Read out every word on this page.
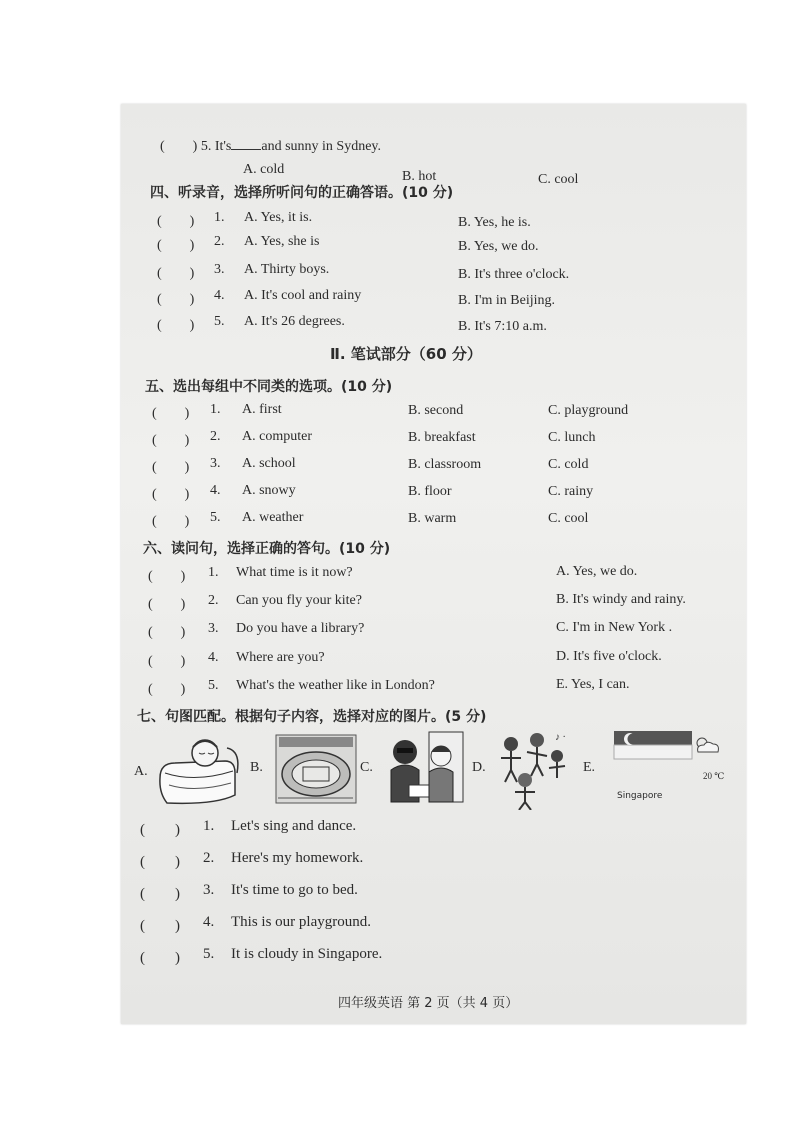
(　　) 5. It's and sunny in Sydney.
A. cold	B. hot	C. cool
四、听录音，选择所听问句的正确答语。(10 分)
(　　) 1. A. Yes, it is.	B. Yes, he is.
(　　) 2. A. Yes, she is	B. Yes, we do.
(　　) 3. A. Thirty boys.	B. It's three o'clock.
(　　) 4. A. It's cool and rainy	B. I'm in Beijing.
(　　) 5. A. It's 26 degrees.	B. It's 7:10 a.m.
Ⅱ. 笔试部分（60 分）
五、选出每组中不同类的选项。(10 分)
(　　) 1. A. first	B. second	C. playground
(　　) 2. A. computer	B. breakfast	C. lunch
(　　) 3. A. school	B. classroom	C. cold
(　　) 4. A. snowy	B. floor	C. rainy
(　　) 5. A. weather	B. warm	C. cool
六、读问句，选择正确的答句。(10 分)
(　　) 1. What time is it now?	A. Yes, we do.
(　　) 2. Can you fly your kite?	B. It's windy and rainy.
(　　) 3. Do you have a library?	C. I'm in New York .
(　　) 4. Where are you?	D. It's five o'clock.
(　　) 5. What's the weather like in London?	E. Yes, I can.
七、句图匹配。根据句子内容，选择对应的图片。(5 分)
A.	B.	C.	D.	E.
♪ ·
Singapore
20 ℃
(　　) 1. Let's sing and dance.
(　　) 2. Here's my homework.
(　　) 3. It's time to go to bed.
(　　) 4. This is our playground.
(　　) 5. It is cloudy in Singapore.
四年级英语 第 2 页（共 4 页）
